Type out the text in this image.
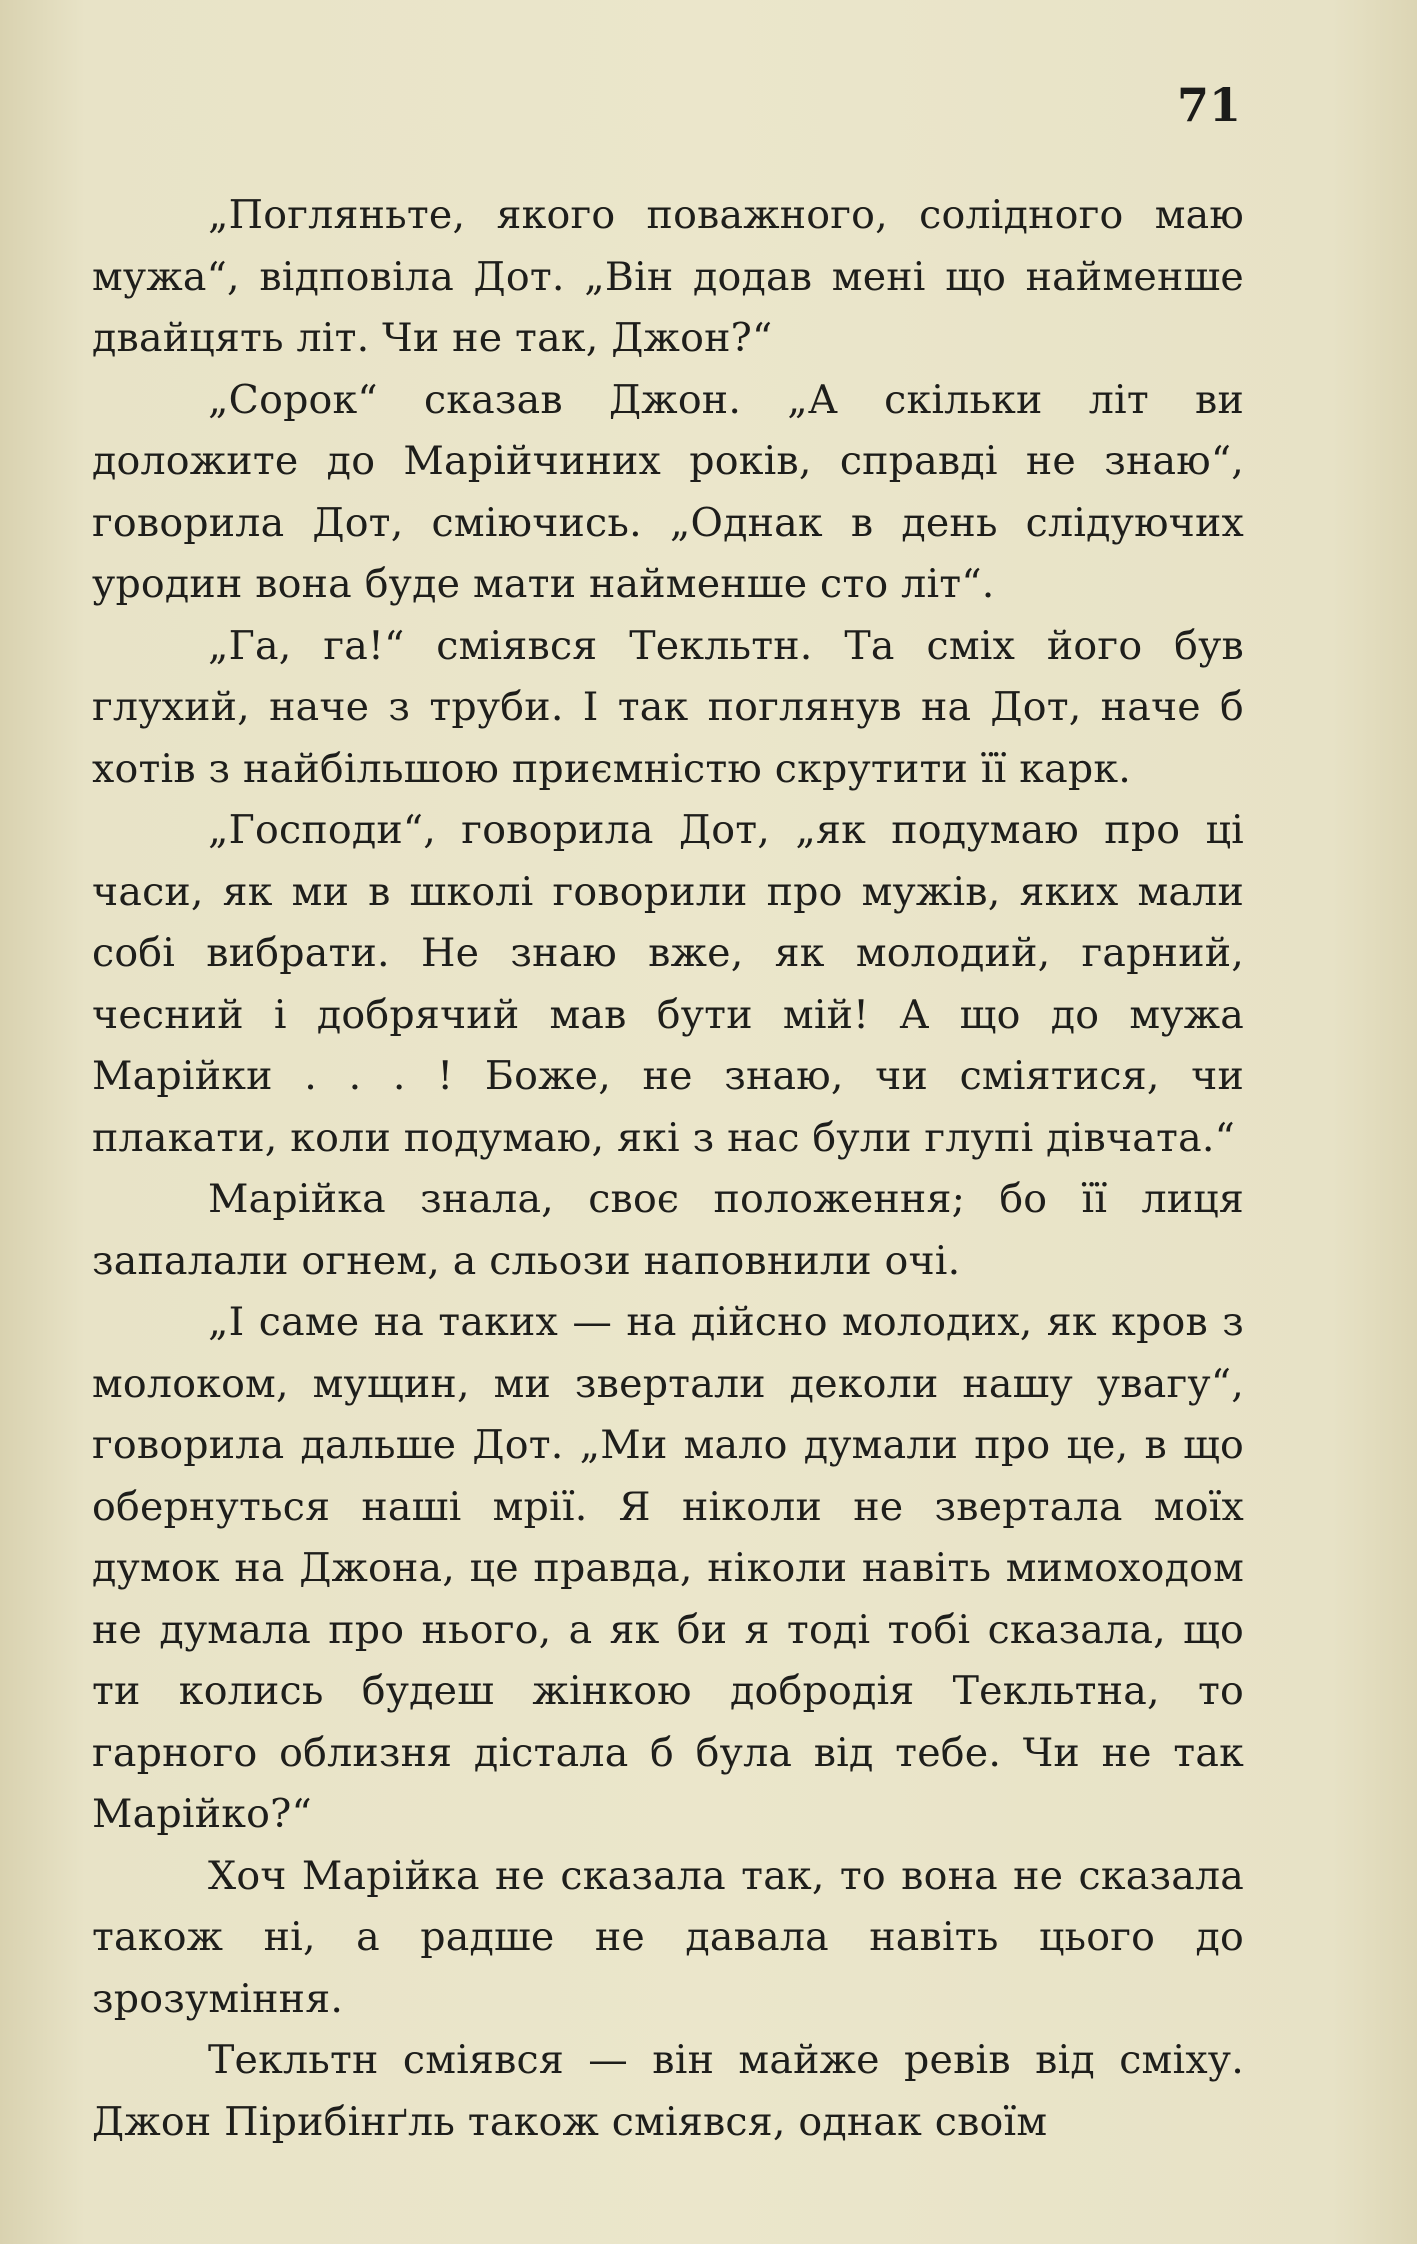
71

„Погляньте, якого поважного, солідного маю мужа“, відповіла Дот. „Він додав мені що найменше двайцять літ. Чи не так, Джон?“

„Сорок“ сказав Джон. „А скільки літ ви доложите до Марійчиних років, справді не знаю“, говорила Дот, сміючись. „Однак в день слідуючих уродин вона буде мати найменше сто літ“.

„Га, га!“ сміявся Текльтн. Та сміх його був глухий, наче з труби. І так поглянув на Дот, наче б хотів з найбільшою приємністю скрутити її карк.

„Господи“, говорила Дот, „як подумаю про ці часи, як ми в школі говорили про мужів, яких мали собі вибрати. Не знаю вже, як молодий, гарний, чесний і добрячий мав бути мій! А що до мужа Марійки . . . ! Боже, не знаю, чи сміятися, чи плакати, коли подумаю, які з нас були глупі дівчата.“

Марійка знала, своє положення; бо її лиця запалали огнем, а сльози наповнили очі.

„І саме на таких — на дійсно молодих, як кров з молоком, мущин, ми звертали деколи нашу увагу“, говорила дальше Дот. „Ми мало думали про це, в що обернуться наші мрії. Я ніколи не звертала моїх думок на Джона, це правда, ніколи навіть мимоходом не думала про нього, а як би я тоді тобі сказала, що ти колись будеш жінкою добродія Текльтна, то гарного облизня дістала б була від тебе. Чи не так Марійко?“

Хоч Марійка не сказала так, то вона не сказала також ні, а радше не давала навіть цього до зрозуміння.

Текльтн сміявся — він майже ревів від сміху. Джон Пірибінґль також сміявся, однак своїм
